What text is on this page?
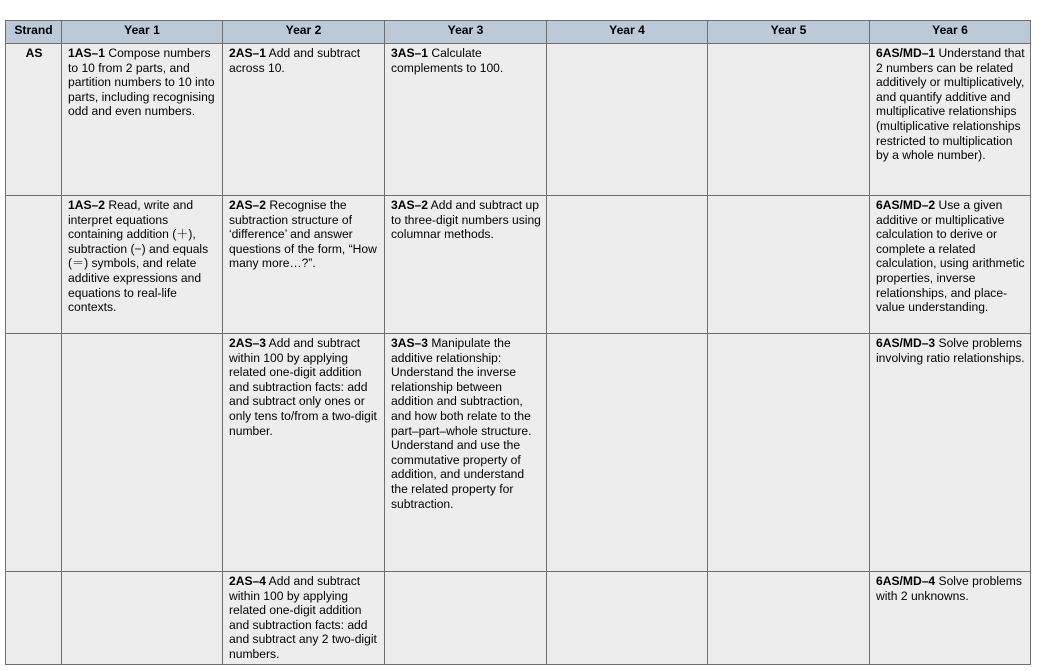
Strand	Year 1	Year 2	Year 3	Year 4	Year 5	Year 6
AS	1AS–1 Compose numbers to 10 from 2 parts, and partition numbers to 10 into parts, including recognising odd and even numbers.	2AS–1 Add and subtract across 10.	3AS–1 Calculate complements to 100.			6AS/MD–1 Understand that 2 numbers can be related additively or multiplicatively, and quantify additive and multiplicative relationships (multiplicative relationships restricted to multiplication by a whole number).

	1AS–2 Read, write and interpret equations containing addition (＋), subtraction (−) and equals (＝) symbols, and relate additive expressions and equations to real-life contexts.	2AS–2 Recognise the subtraction structure of ‘difference’ and answer questions of the form, “How many more…?”.	3AS–2 Add and subtract up to three-digit numbers using columnar methods.			6AS/MD–2 Use a given additive or multiplicative calculation to derive or complete a related calculation, using arithmetic properties, inverse relationships, and place-value understanding.

		2AS–3 Add and subtract within 100 by applying related one-digit addition and subtraction facts: add and subtract only ones or only tens to/from a two-digit number.	3AS–3 Manipulate the additive relationship: Understand the inverse relationship between addition and subtraction, and how both relate to the part–part–whole structure. Understand and use the commutative property of addition, and understand the related property for subtraction.			6AS/MD–3 Solve problems involving ratio relationships.

		2AS–4 Add and subtract within 100 by applying related one-digit addition and subtraction facts: add and subtract any 2 two-digit numbers.				6AS/MD–4 Solve problems with 2 unknowns.
